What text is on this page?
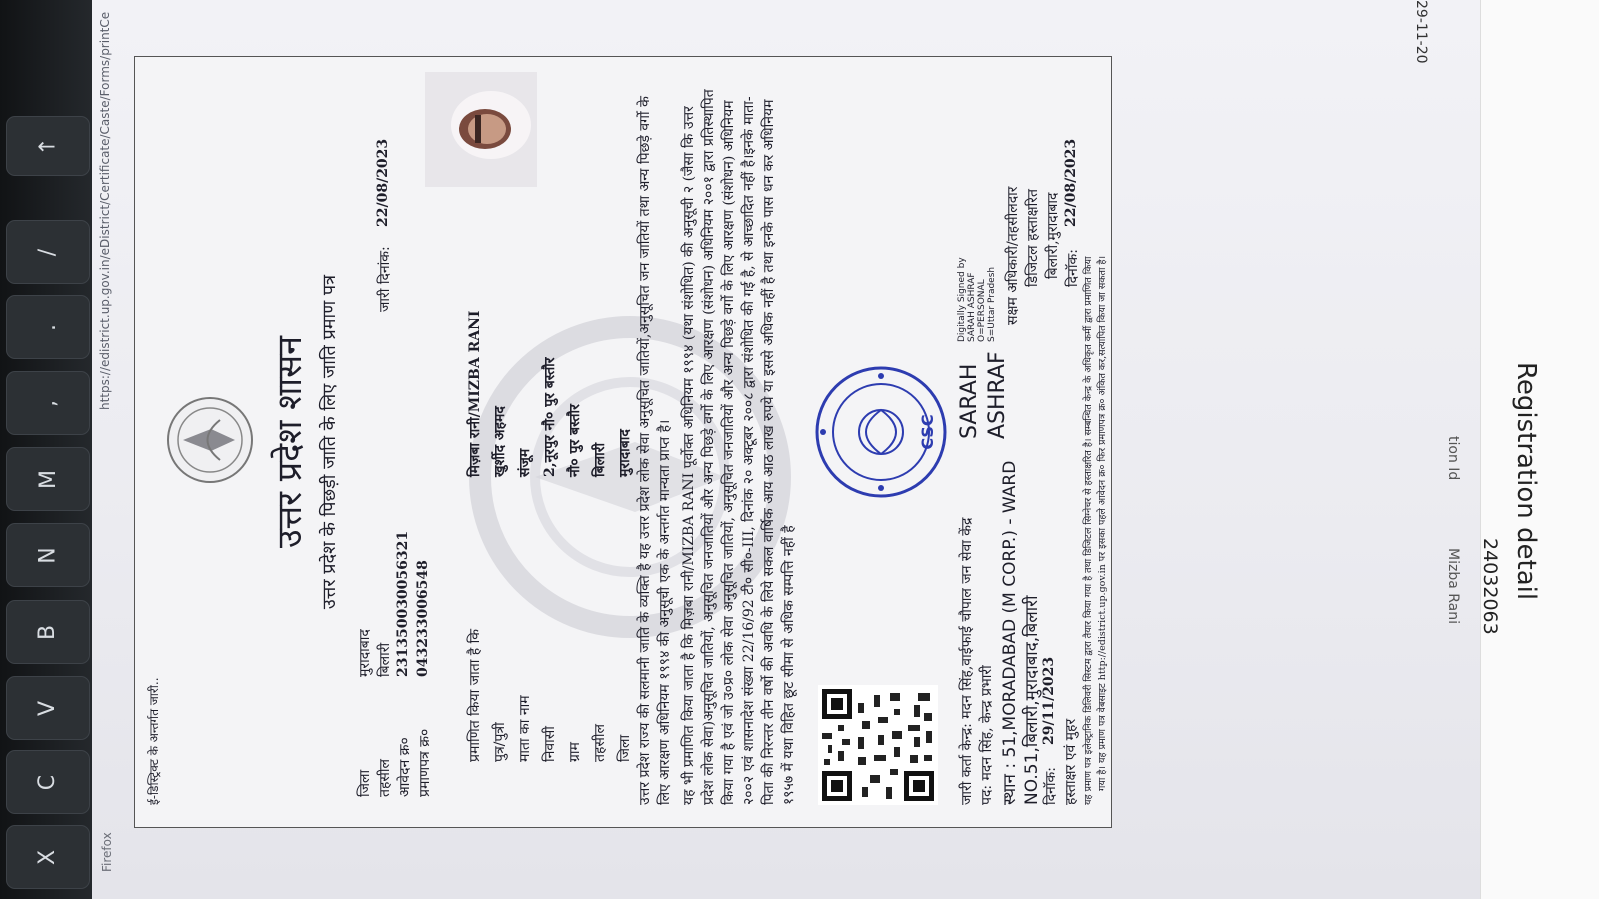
X
C
V
B
N
M
,
.
/
↑
Firefox
https://edistrict.up.gov.in/eDistrict/Certificate/Caste/Forms/printCe
ई-डिस्ट्रिक्ट के अन्तर्गत जारी..
उत्तर प्रदेश शासन उत्तर प्रदेश के पिछड़ी जाति के लिए जाति प्रमाण पत्र
जिला
मुरादाबाद
तहसील
बिलारी
आवेदन क्र०
231350030056321
प्रमाणपत्र क्र०
043233006548
जारी दिनांक:
22/08/2023
प्रमाणित किया जाता है कि
मिज़बा रानी/MIZBA RANI
पुत्र/पुत्री
खुर्शीद अहमद
माता का नाम
संजूम
निवासी
2,नूरपुर नौ० पुर बस्तौर
ग्राम
नौ० पुर बस्तौर
तहसील
बिलारी
जिला
मुरादाबाद उत्तर प्रदेश राज्य की सलमानी जाति के व्यक्ति है यह उत्तर प्रदेश लोक सेवा अनुसूचित जातियों,अनुसूचित जन जातियों तथा अन्य पिछड़े वर्गो के लिए आरक्षण अधिनियम १९९४ की अनुसूची एक के अन्तर्गत मान्यता प्राप्त है। यह भी प्रमाणित किया जाता है कि मिज़बा रानी/MIZBA RANI पूर्वोक्त अधिनियम १९९४ (यथा संशोधित) की अनुसूची २ (जैसा कि उत्तर प्रदेश लोक सेवा)अनुसूचित जातियों, अनुसूचित जनजातियों और अन्य पिछड़े वर्गो के लिए आरक्षण (संशोधन) अधिनियम २००१ द्वारा प्रतिस्थापित किया गया है एवं जो उ०प्र० लोक सेवा अनुसूचित जातियों, अनुसूचित जनजातियों और अन्य पिछड़े वर्गो के लिए आरक्षण (संशोधन) अधिनियम २००२ एवं शासनादेश संख्या 22/16/92 टी० सी०-III, दिनांक २० अक्टूबर २००८ द्वारा संशोधित की गई है, से आच्छादित नहीं है।इनके माता-पिता की निरन्तर तीन वर्षो की अवधि के लिये सकल वार्षिक आय आठ लाख रुपये या इससे अधिक नहीं है तथा इनके पास धन कर अधिनियम १९५७ में यथा विहित छूट सीमा से अधिक सम्पत्ति नहीं है
CSC
जारी कर्ता केन्द्र: मदन सिंह,वाईफाई चौपाल जन सेवा केंद्र पद: मदन सिंह, केन्द्र प्रभारी स्थान : 51,MORADABAD (M CORP.) - WARD NO.51,बिलारी,मुरादाबाद,बिलारी दिनॉक:
29/11/2023
हस्ताक्षर एवं मुहर
SARAH ASHRAF
Digitally Signed by SARAH ASHRAF O=PERSONAL S=Uttar Pradesh सक्षम अधिकारी/तहसीलदार डिजिटल हस्ताक्षरित बिलारी,मुरादाबाद दिनॉक:
22/08/2023
यह प्रमाण पत्र इलेक्ट्रानिक डिलिवरी सिस्टम द्वारा तैयार किया गया है तथा डिजिटल सिग्नेचर से हस्ताक्षरित है। सम्बन्धित केन्द्र के अधिकृत कर्मी द्वारा प्रमाणित किया गया है। यह प्रमाण पत्र वेबसाइट http://edistrict.up.gov.in पर इसका पहले आवेदन क्र० फिर प्रमाणपत्र क्र० अंकित कर,सत्यापित किया जा सकता है।	Registration detail
24032063
Mizba Rani
tion Id
29-11-20
